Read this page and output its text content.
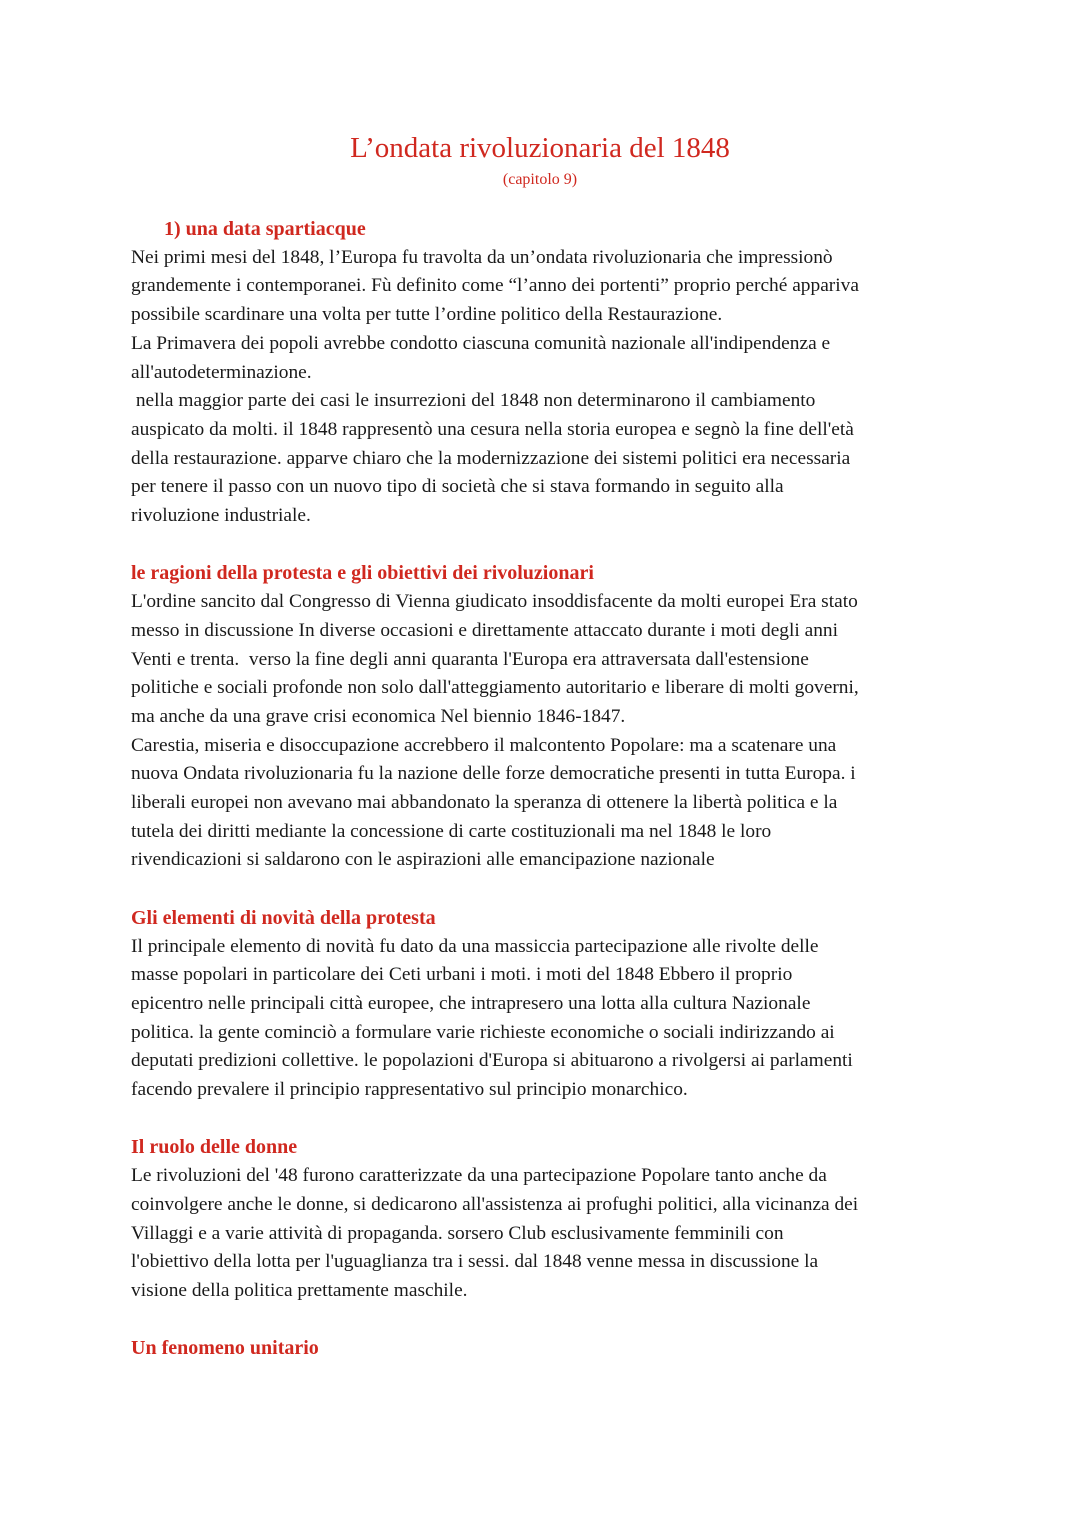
L’ondata rivoluzionaria del 1848
(capitolo 9)
1) una data spartiacque

Nei primi mesi del 1848, l’Europa fu travolta da un’ondata rivoluzionaria che impressionò

grandemente i contemporanei. Fù definito come “l’anno dei portenti” proprio perché appariva

possibile scardinare una volta per tutte l’ordine politico della Restaurazione.

La Primavera dei popoli avrebbe condotto ciascuna comunità nazionale all'indipendenza e

all'autodeterminazione.

nella maggior parte dei casi le insurrezioni del 1848 non determinarono il cambiamento

auspicato da molti. il 1848 rappresentò una cesura nella storia europea e segnò la fine dell'età

della restaurazione. apparve chiaro che la modernizzazione dei sistemi politici era necessaria

per tenere il passo con un nuovo tipo di società che si stava formando in seguito alla

rivoluzione industriale.

le ragioni della protesta e gli obiettivi dei rivoluzionari

L'ordine sancito dal Congresso di Vienna giudicato insoddisfacente da molti europei Era stato

messo in discussione In diverse occasioni e direttamente attaccato durante i moti degli anni

Venti e trenta.  verso la fine degli anni quaranta l'Europa era attraversata dall'estensione

politiche e sociali profonde non solo dall'atteggiamento autoritario e liberare di molti governi,

ma anche da una grave crisi economica Nel biennio 1846-1847.

Carestia, miseria e disoccupazione accrebbero il malcontento Popolare: ma a scatenare una

nuova Ondata rivoluzionaria fu la nazione delle forze democratiche presenti in tutta Europa. i

liberali europei non avevano mai abbandonato la speranza di ottenere la libertà politica e la

tutela dei diritti mediante la concessione di carte costituzionali ma nel 1848 le loro

rivendicazioni si saldarono con le aspirazioni alle emancipazione nazionale

Gli elementi di novità della protesta

Il principale elemento di novità fu dato da una massiccia partecipazione alle rivolte delle

masse popolari in particolare dei Ceti urbani i moti. i moti del 1848 Ebbero il proprio

epicentro nelle principali città europee, che intrapresero una lotta alla cultura Nazionale

politica. la gente cominciò a formulare varie richieste economiche o sociali indirizzando ai

deputati predizioni collettive. le popolazioni d'Europa si abituarono a rivolgersi ai parlamenti

facendo prevalere il principio rappresentativo sul principio monarchico.

Il ruolo delle donne

Le rivoluzioni del '48 furono caratterizzate da una partecipazione Popolare tanto anche da

coinvolgere anche le donne, si dedicarono all'assistenza ai profughi politici, alla vicinanza dei

Villaggi e a varie attività di propaganda. sorsero Club esclusivamente femminili con

l'obiettivo della lotta per l'uguaglianza tra i sessi. dal 1848 venne messa in discussione la

visione della politica prettamente maschile.

Un fenomeno unitario
